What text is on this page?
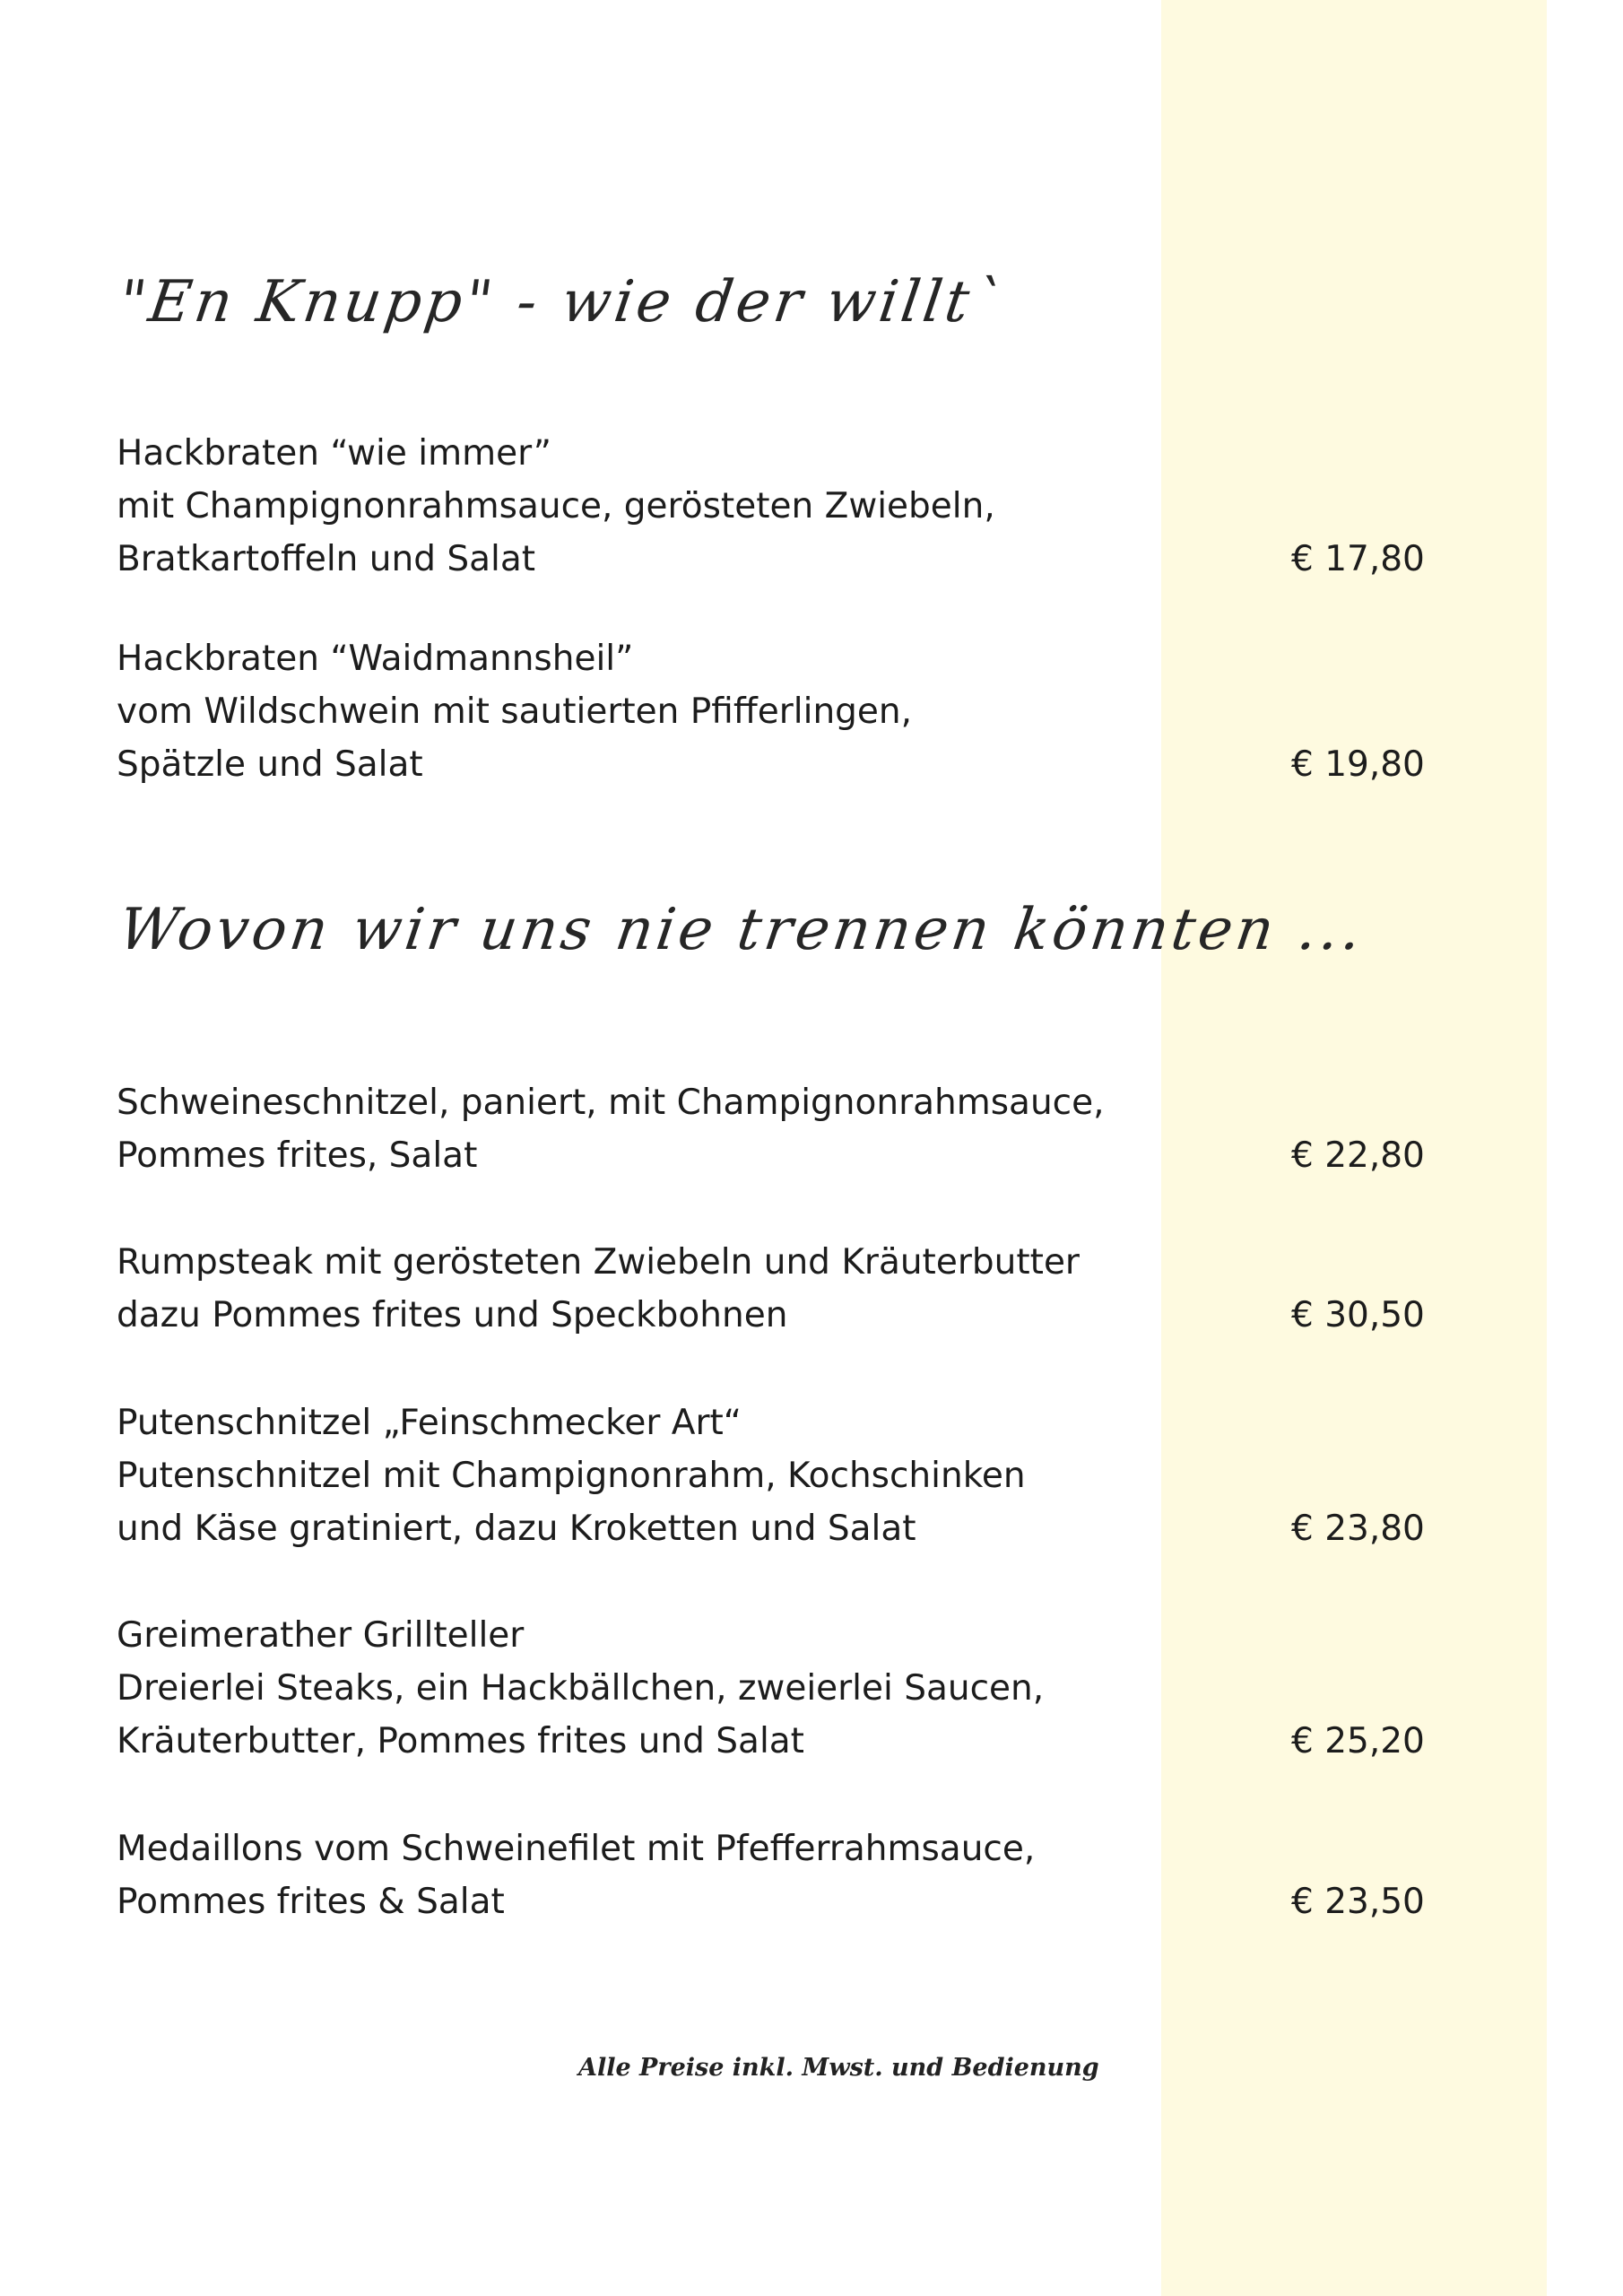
"En Knupp" - wie der willt`
Hackbraten “wie immer”
mit Champignonrahmsauce, gerösteten Zwiebeln,
Bratkartoffeln und Salat	€ 17,80
Hackbraten “Waidmannsheil”
vom Wildschwein mit sautierten Pfifferlingen,
Spätzle und Salat	€ 19,80
Wovon wir uns nie trennen könnten ...
Schweineschnitzel, paniert, mit Champignonrahmsauce,
Pommes frites, Salat	€ 22,80
Rumpsteak mit gerösteten Zwiebeln und Kräuterbutter
dazu Pommes frites und Speckbohnen	€ 30,50
Putenschnitzel „Feinschmecker Art“
Putenschnitzel mit Champignonrahm, Kochschinken
und Käse gratiniert, dazu Kroketten und Salat	€ 23,80
Greimerather Grillteller
Dreierlei Steaks, ein Hackbällchen, zweierlei Saucen,
Kräuterbutter, Pommes frites und Salat	€ 25,20
Medaillons vom Schweinefilet mit Pfefferrahmsauce,
Pommes frites & Salat	€ 23,50
Alle Preise inkl. Mwst. und Bedienung
